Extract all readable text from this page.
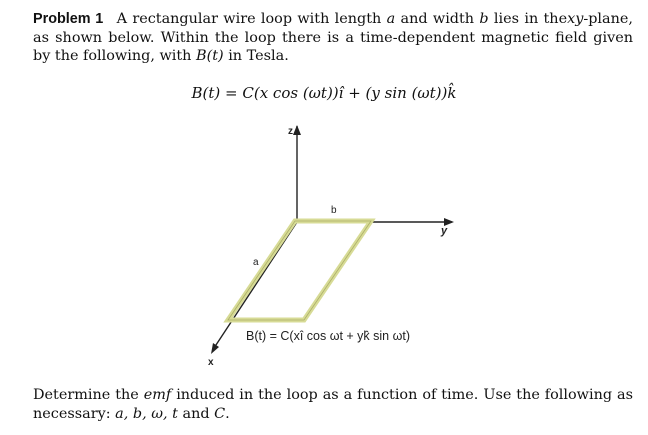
Problem 1 A rectangular wire loop with length a and width b lies in thexy-plane, as shown below. Within the loop there is a time-dependent magnetic field given by the following, with B(t) in Tesla.
B(t) = C(x cos (ωt))î + (y sin (ωt))k̂
z
y
x
b
a
B(t) = C(xî cos ωt + yk̂ sin ωt)
Determine the emf induced in the loop as a function of time. Use the following as necessary: a, b, ω, t and C.
